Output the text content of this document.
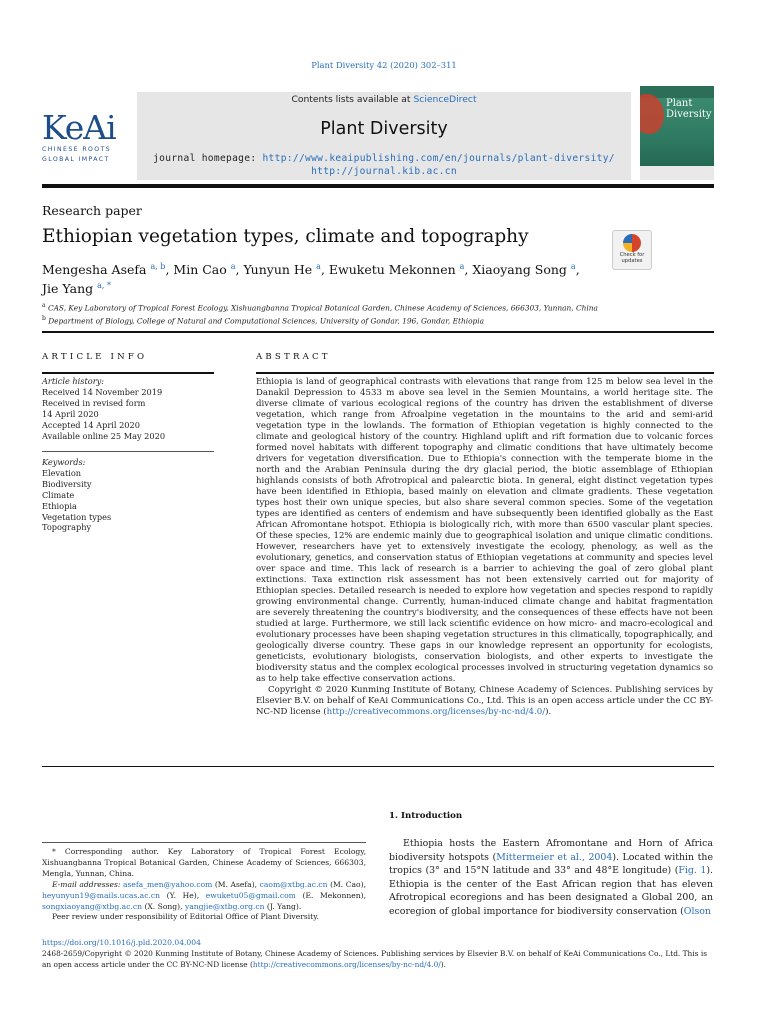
Plant Diversity 42 (2020) 302–311
KeAi
CHINESE ROOTS
GLOBAL IMPACT
Contents lists available at ScienceDirect
Plant Diversity
journal homepage: http://www.keaipublishing.com/en/journals/plant-diversity/
http://journal.kib.ac.cn
Plant Diversity
Research paper
Ethiopian vegetation types, climate and topography
Check for updates
Mengesha Asefa $^{a, b}$, Min Cao $^a$, Yunyun He $^a$, Ewuketu Mekonnen $^a$, Xiaoyang Song $^a$,
Jie Yang $^{a, *}$
$^a$ CAS, Key Laboratory of Tropical Forest Ecology, Xishuangbanna Tropical Botanical Garden, Chinese Academy of Sciences, 666303, Yunnan, China
$^b$ Department of Biology, College of Natural and Computational Sciences, University of Gondar, 196, Gondar, Ethiopia
ARTICLE INFO
Article history:
Received 14 November 2019
Received in revised form
14 April 2020
Accepted 14 April 2020
Available online 25 May 2020
Keywords:
Elevation
Biodiversity
Climate
Ethiopia
Vegetation types
Topography
ABSTRACT

Ethiopia is land of geographical contrasts with elevations that range from 125 m below sea level in the Danakil Depression to 4533 m above sea level in the Semien Mountains, a world heritage site. The diverse climate of various ecological regions of the country has driven the establishment of diverse vegetation, which range from Afroalpine vegetation in the mountains to the arid and semi-arid vegetation type in the lowlands. The formation of Ethiopian vegetation is highly connected to the climate and geological history of the country. Highland uplift and rift formation due to volcanic forces formed novel habitats with different topography and climatic conditions that have ultimately become drivers for vegetation diversification. Due to Ethiopia's connection with the temperate biome in the north and the Arabian Peninsula during the dry glacial period, the biotic assemblage of Ethiopian highlands consists of both Afrotropical and palearctic biota. In general, eight distinct vegetation types have been identified in Ethiopia, based mainly on elevation and climate gradients. These vegetation types host their own unique species, but also share several common species. Some of the vegetation types are identified as centers of endemism and have subsequently been identified globally as the East African Afromontane hotspot. Ethiopia is biologically rich, with more than 6500 vascular plant species. Of these species, 12% are endemic mainly due to geographical isolation and unique climatic conditions. However, researchers have yet to extensively investigate the ecology, phenology, as well as the evolutionary, genetics, and conservation status of Ethiopian vegetations at community and species level over space and time. This lack of research is a barrier to achieving the goal of zero global plant extinctions. Taxa extinction risk assessment has not been extensively carried out for majority of Ethiopian species. Detailed research is needed to explore how vegetation and species respond to rapidly growing environmental change. Currently, human-induced climate change and habitat fragmentation are severely threatening the country's biodiversity, and the consequences of these effects have not been studied at large. Furthermore, we still lack scientific evidence on how micro- and macro-ecological and evolutionary processes have been shaping vegetation structures in this climatically, topographically, and geologically diverse country. These gaps in our knowledge represent an opportunity for ecologists, geneticists, evolutionary biologists, conservation biologists, and other experts to investigate the biodiversity status and the complex ecological processes involved in structuring vegetation dynamics so as to help take effective conservation actions.

Copyright © 2020 Kunming Institute of Botany, Chinese Academy of Sciences. Publishing services by Elsevier B.V. on behalf of KeAi Communications Co., Ltd. This is an open access article under the CC BY-NC-ND license (http://creativecommons.org/licenses/by-nc-nd/4.0/).

1. Introduction
Ethiopia hosts the Eastern Afromontane and Horn of Africa biodiversity hotspots (Mittermeier et al., 2004). Located within the tropics (3° and 15°N latitude and 33° and 48°E longitude) (Fig. 1). Ethiopia is the center of the East African region that has eleven Afrotropical ecoregions and has been designated a Global 200, an ecoregion of global importance for biodiversity conservation (Olson

* Corresponding author. Key Laboratory of Tropical Forest Ecology, Xishuangbanna Tropical Botanical Garden, Chinese Academy of Sciences, 666303, Mengla, Yunnan, China.

E-mail addresses: asefa_men@yahoo.com (M. Asefa), caom@xtbg.ac.cn (M. Cao), heyunyun19@mails.ucas.ac.cn (Y. He), ewuketu05@gmail.com (E. Mekonnen), songxiaoyang@xtbg.ac.cn (X. Song), yangjie@xtbg.org.cn (J. Yang).

Peer review under responsibility of Editorial Office of Plant Diversity.

https://doi.org/10.1016/j.pld.2020.04.004
2468-2659/Copyright © 2020 Kunming Institute of Botany, Chinese Academy of Sciences. Publishing services by Elsevier B.V. on behalf of KeAi Communications Co., Ltd. This is an open access article under the CC BY-NC-ND license (http://creativecommons.org/licenses/by-nc-nd/4.0/).
